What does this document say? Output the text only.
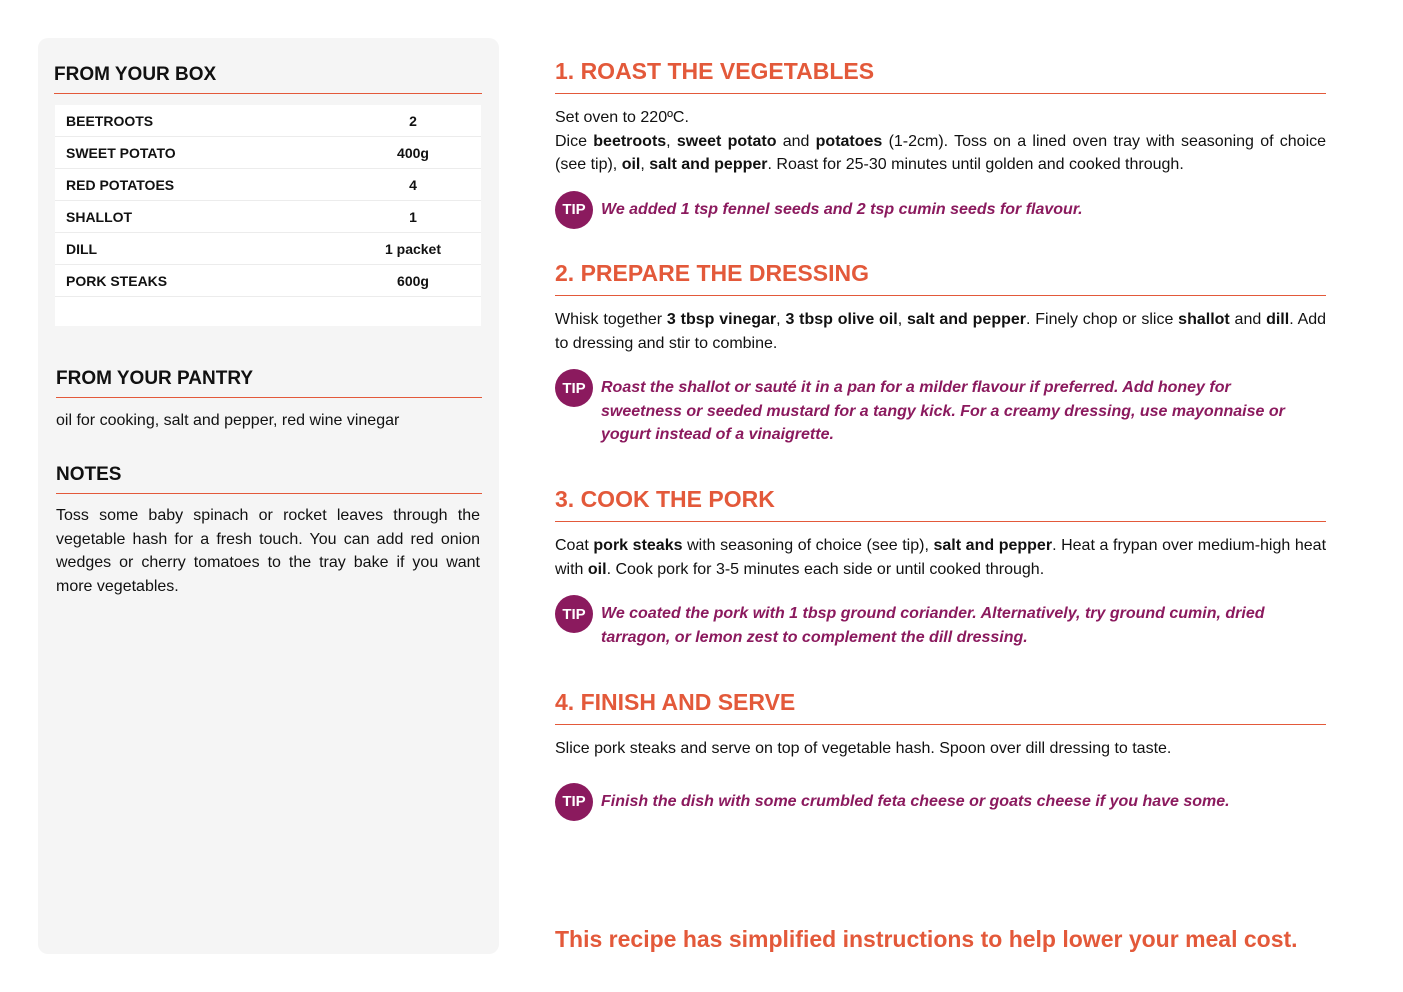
FROM YOUR BOX
BEETROOTS	2
SWEET POTATO	400g
RED POTATOES	4
SHALLOT	1
DILL	1 packet
PORK STEAKS	600g
FROM YOUR PANTRY

oil for cooking, salt and pepper, red wine vinegar

NOTES

Toss some baby spinach or rocket leaves through the vegetable hash for a fresh touch. You can add red onion wedges or cherry tomatoes to the tray bake if you want more vegetables.

1. ROAST THE VEGETABLES

Set oven to 220ºC.
Dice beetroots, sweet potato and potatoes (1-2cm). Toss on a lined oven tray with seasoning of choice (see tip), oil, salt and pepper. Roast for 25-30 minutes until golden and cooked through.

TIP We added 1 tsp fennel seeds and 2 tsp cumin seeds for flavour.
2. PREPARE THE DRESSING

Whisk together 3 tbsp vinegar, 3 tbsp olive oil, salt and pepper. Finely chop or slice shallot and dill. Add to dressing and stir to combine.

TIP Roast the shallot or sauté it in a pan for a milder flavour if preferred. Add honey for sweetness or seeded mustard for a tangy kick. For a creamy dressing, use mayonnaise or yogurt instead of a vinaigrette.
3. COOK THE PORK

Coat pork steaks with seasoning of choice (see tip), salt and pepper. Heat a frypan over medium-high heat with oil. Cook pork for 3-5 minutes each side or until cooked through.

TIP We coated the pork with 1 tbsp ground coriander. Alternatively, try ground cumin, dried tarragon, or lemon zest to complement the dill dressing.
4. FINISH AND SERVE

Slice pork steaks and serve on top of vegetable hash. Spoon over dill dressing to taste.

TIP Finish the dish with some crumbled feta cheese or goats cheese if you have some.

This recipe has simplified instructions to help lower your meal cost.
